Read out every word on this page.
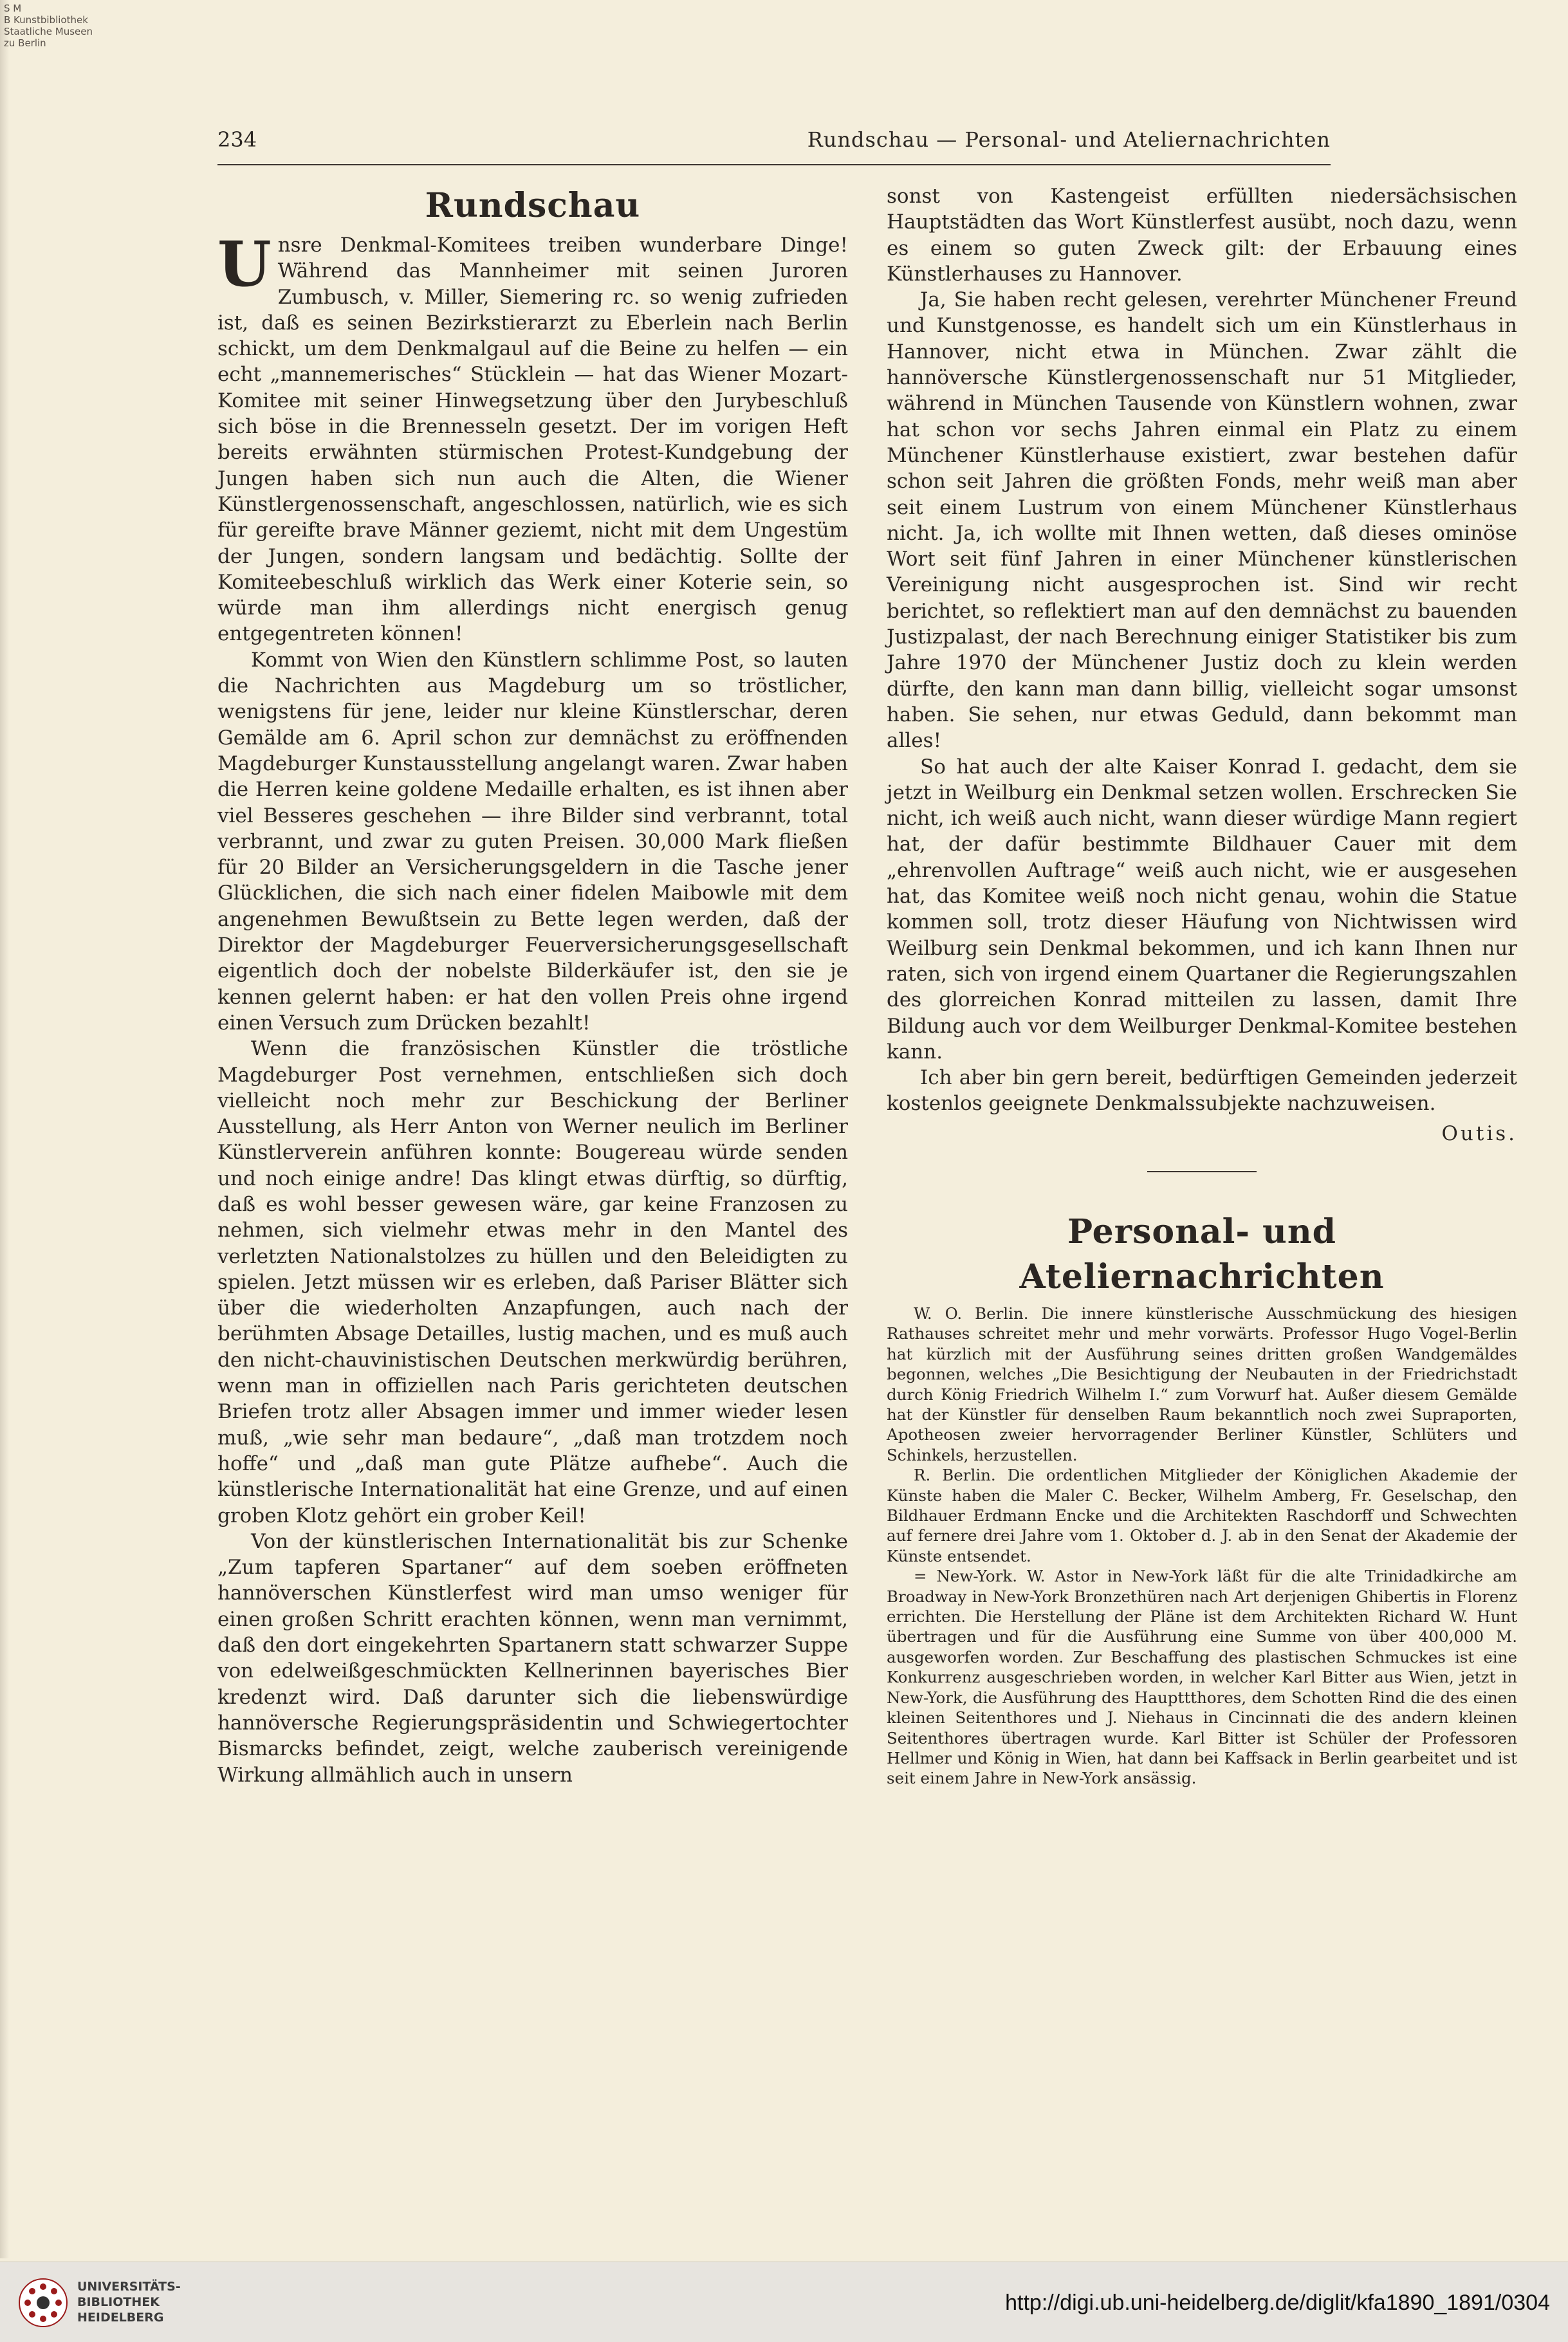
S M
B Kunstbibliothek
Staatliche Museen
zu Berlin
234	Rundschau — Personal- und Ateliernachrichten
Rundschau

Unsre Denkmal-Komitees treiben wunderbare Dinge! Während das Mannheimer mit seinen Juroren Zumbusch, v. Miller, Siemering rc. so wenig zufrieden ist, daß es seinen Bezirkstierarzt zu Eberlein nach Berlin schickt, um dem Denkmalgaul auf die Beine zu helfen — ein echt „mannemerisches“ Stücklein — hat das Wiener Mozart-Komitee mit seiner Hinwegsetzung über den Jurybeschluß sich böse in die Brennesseln gesetzt. Der im vorigen Heft bereits erwähnten stürmischen Protest-Kundgebung der Jungen haben sich nun auch die Alten, die Wiener Künstlergenossenschaft, angeschlossen, natürlich, wie es sich für gereifte brave Männer geziemt, nicht mit dem Ungestüm der Jungen, sondern langsam und bedächtig. Sollte der Komiteebeschluß wirklich das Werk einer Koterie sein, so würde man ihm allerdings nicht energisch genug entgegentreten können!

Kommt von Wien den Künstlern schlimme Post, so lauten die Nachrichten aus Magdeburg um so tröstlicher, wenigstens für jene, leider nur kleine Künstlerschar, deren Gemälde am 6. April schon zur demnächst zu eröffnenden Magdeburger Kunstausstellung angelangt waren. Zwar haben die Herren keine goldene Medaille erhalten, es ist ihnen aber viel Besseres geschehen — ihre Bilder sind verbrannt, total verbrannt, und zwar zu guten Preisen. 30,000 Mark fließen für 20 Bilder an Versicherungsgeldern in die Tasche jener Glücklichen, die sich nach einer fidelen Maibowle mit dem angenehmen Bewußtsein zu Bette legen werden, daß der Direktor der Magdeburger Feuerversicherungsgesellschaft eigentlich doch der nobelste Bilderkäufer ist, den sie je kennen gelernt haben: er hat den vollen Preis ohne irgend einen Versuch zum Drücken bezahlt!

Wenn die französischen Künstler die tröstliche Magdeburger Post vernehmen, entschließen sich doch vielleicht noch mehr zur Beschickung der Berliner Ausstellung, als Herr Anton von Werner neulich im Berliner Künstlerverein anführen konnte: Bougereau würde senden und noch einige andre! Das klingt etwas dürftig, so dürftig, daß es wohl besser gewesen wäre, gar keine Franzosen zu nehmen, sich vielmehr etwas mehr in den Mantel des verletzten Nationalstolzes zu hüllen und den Beleidigten zu spielen. Jetzt müssen wir es erleben, daß Pariser Blätter sich über die wiederholten Anzapfungen, auch nach der berühmten Absage Detailles, lustig machen, und es muß auch den nicht-chauvinistischen Deutschen merkwürdig berühren, wenn man in offiziellen nach Paris gerichteten deutschen Briefen trotz aller Absagen immer und immer wieder lesen muß, „wie sehr man bedaure“, „daß man trotzdem noch hoffe“ und „daß man gute Plätze aufhebe“. Auch die künstlerische Internationalität hat eine Grenze, und auf einen groben Klotz gehört ein grober Keil!

Von der künstlerischen Internationalität bis zur Schenke „Zum tapferen Spartaner“ auf dem soeben eröffneten hannöverschen Künstlerfest wird man umso weniger für einen großen Schritt erachten können, wenn man vernimmt, daß den dort eingekehrten Spartanern statt schwarzer Suppe von edelweißgeschmückten Kellnerinnen bayerisches Bier kredenzt wird. Daß darunter sich die liebenswürdige hannöversche Regierungspräsidentin und Schwiegertochter Bismarcks befindet, zeigt, welche zauberisch vereinigende Wirkung allmählich auch in unsern

sonst von Kastengeist erfüllten niedersächsischen Hauptstädten das Wort Künstlerfest ausübt, noch dazu, wenn es einem so guten Zweck gilt: der Erbauung eines Künstlerhauses zu Hannover.

Ja, Sie haben recht gelesen, verehrter Münchener Freund und Kunstgenosse, es handelt sich um ein Künstlerhaus in Hannover, nicht etwa in München. Zwar zählt die hannöversche Künstlergenossenschaft nur 51 Mitglieder, während in München Tausende von Künstlern wohnen, zwar hat schon vor sechs Jahren einmal ein Platz zu einem Münchener Künstlerhause existiert, zwar bestehen dafür schon seit Jahren die größten Fonds, mehr weiß man aber seit einem Lustrum von einem Münchener Künstlerhaus nicht. Ja, ich wollte mit Ihnen wetten, daß dieses ominöse Wort seit fünf Jahren in einer Münchener künstlerischen Vereinigung nicht ausgesprochen ist. Sind wir recht berichtet, so reflektiert man auf den demnächst zu bauenden Justizpalast, der nach Berechnung einiger Statistiker bis zum Jahre 1970 der Münchener Justiz doch zu klein werden dürfte, den kann man dann billig, vielleicht sogar umsonst haben. Sie sehen, nur etwas Geduld, dann bekommt man alles!

So hat auch der alte Kaiser Konrad I. gedacht, dem sie jetzt in Weilburg ein Denkmal setzen wollen. Erschrecken Sie nicht, ich weiß auch nicht, wann dieser würdige Mann regiert hat, der dafür bestimmte Bildhauer Cauer mit dem „ehrenvollen Auftrage“ weiß auch nicht, wie er ausgesehen hat, das Komitee weiß noch nicht genau, wohin die Statue kommen soll, trotz dieser Häufung von Nichtwissen wird Weilburg sein Denkmal bekommen, und ich kann Ihnen nur raten, sich von irgend einem Quartaner die Regierungszahlen des glorreichen Konrad mitteilen zu lassen, damit Ihre Bildung auch vor dem Weilburger Denkmal-Komitee bestehen kann.

Ich aber bin gern bereit, bedürftigen Gemeinden jederzeit kostenlos geeignete Denkmalssubjekte nachzuweisen.

Outis.
Personal- und Ateliernachrichten

W. O. Berlin. Die innere künstlerische Ausschmückung des hiesigen Rathauses schreitet mehr und mehr vorwärts. Professor Hugo Vogel-Berlin hat kürzlich mit der Ausführung seines dritten großen Wandgemäldes begonnen, welches „Die Besichtigung der Neubauten in der Friedrichstadt durch König Friedrich Wilhelm I.“ zum Vorwurf hat. Außer diesem Gemälde hat der Künstler für denselben Raum bekanntlich noch zwei Supraporten, Apotheosen zweier hervorragender Berliner Künstler, Schlüters und Schinkels, herzustellen.

R. Berlin. Die ordentlichen Mitglieder der Königlichen Akademie der Künste haben die Maler C. Becker, Wilhelm Amberg, Fr. Geselschap, den Bildhauer Erdmann Encke und die Architekten Raschdorff und Schwechten auf fernere drei Jahre vom 1. Oktober d. J. ab in den Senat der Akademie der Künste entsendet.

= New-York. W. Astor in New-York läßt für die alte Trinidadkirche am Broadway in New-York Bronzethüren nach Art derjenigen Ghibertis in Florenz errichten. Die Herstellung der Pläne ist dem Architekten Richard W. Hunt übertragen und für die Ausführung eine Summe von über 400,000 M. ausgeworfen worden. Zur Beschaffung des plastischen Schmuckes ist eine Konkurrenz ausgeschrieben worden, in welcher Karl Bitter aus Wien, jetzt in New-York, die Ausführung des Haupttthores, dem Schotten Rind die des einen kleinen Seitenthores und J. Niehaus in Cincinnati die des andern kleinen Seitenthores übertragen wurde. Karl Bitter ist Schüler der Professoren Hellmer und König in Wien, hat dann bei Kaffsack in Berlin gearbeitet und ist seit einem Jahre in New-York ansässig.

UNIVERSITÄTS-
BIBLIOTHEK
HEIDELBERG
http://digi.ub.uni-heidelberg.de/diglit/kfa1890_1891/0304
